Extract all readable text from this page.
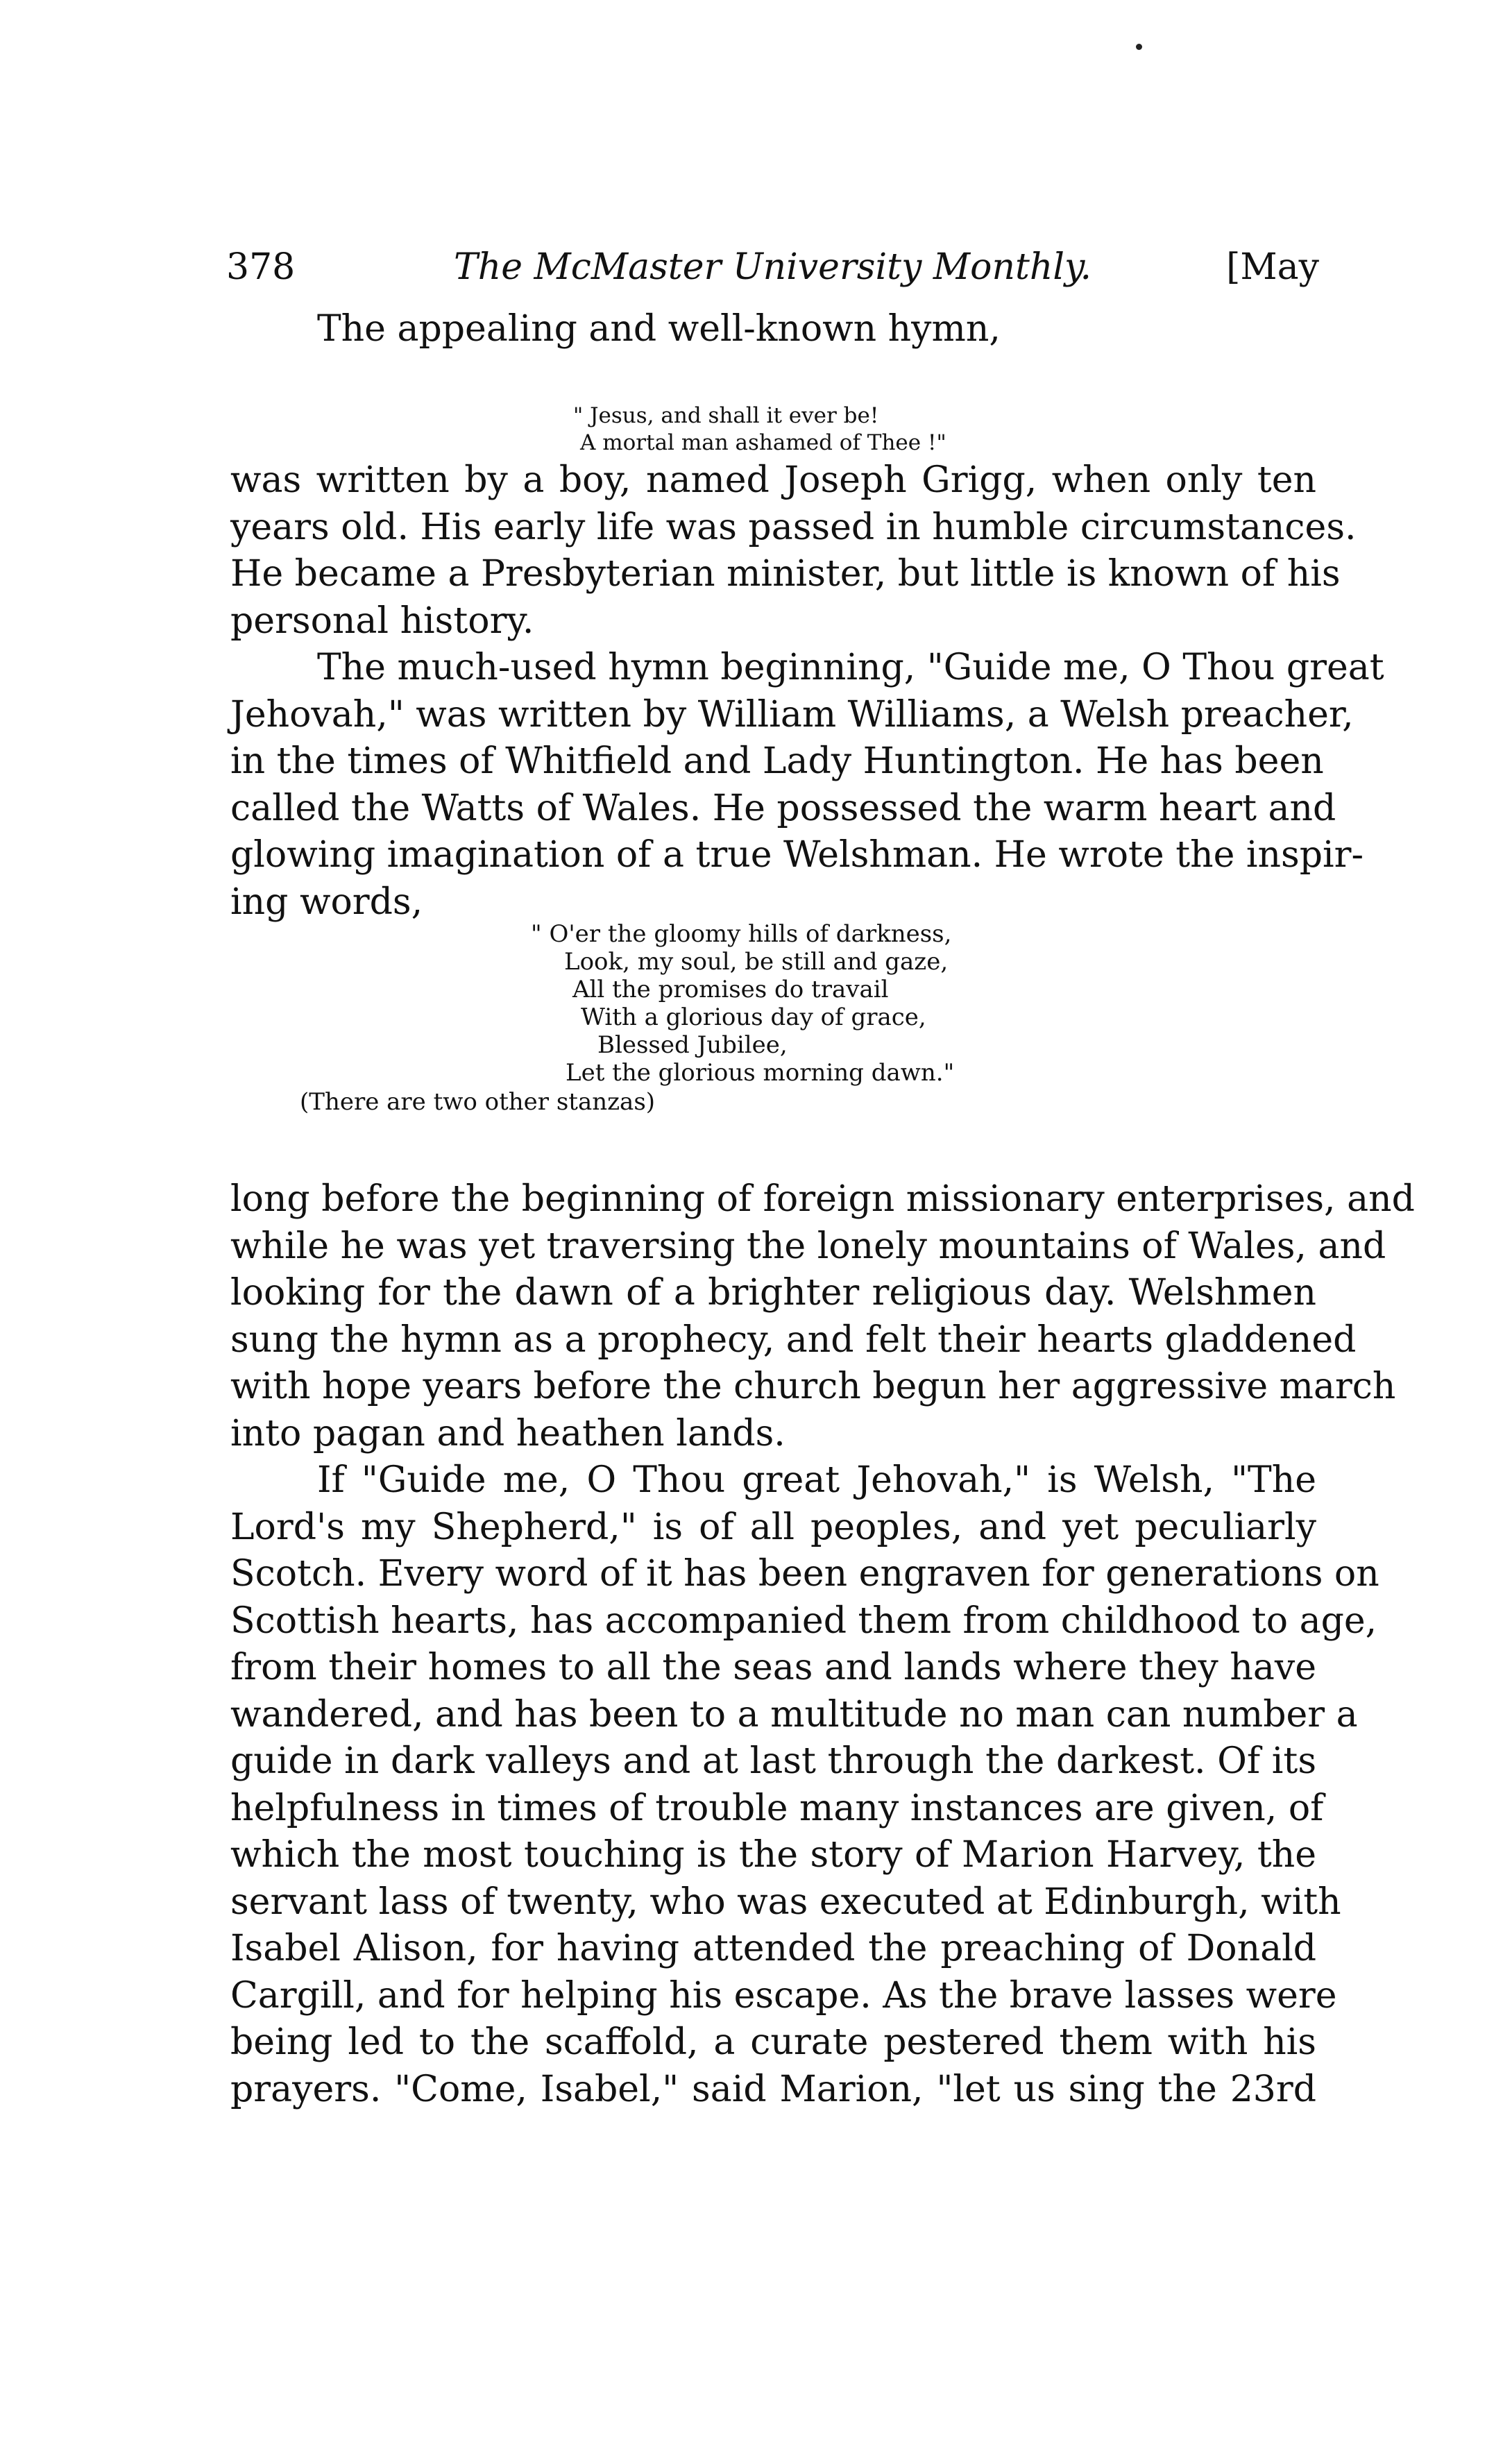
378	The McMaster University Monthly.	[May
The appealing and well-known hymn,
" Jesus, and shall it ever be!
A mortal man ashamed of Thee !"
was written by a boy, named Joseph Grigg, when only ten
years old. His early life was passed in humble circumstances.
He became a Presbyterian minister, but little is known of his
personal history.
The much-used hymn beginning, "Guide me, O Thou great
Jehovah," was written by William Williams, a Welsh preacher,
in the times of Whitfield and Lady Huntington. He has been
called the Watts of Wales. He possessed the warm heart and
glowing imagination of a true Welshman. He wrote the inspir-
ing words,
" O'er the gloomy hills of darkness,
Look, my soul, be still and gaze,
All the promises do travail
With a glorious day of grace,
Blessed Jubilee,
Let the glorious morning dawn."
(There are two other stanzas)
long before the beginning of foreign missionary enterprises, and
while he was yet traversing the lonely mountains of Wales, and
looking for the dawn of a brighter religious day. Welshmen
sung the hymn as a prophecy, and felt their hearts gladdened
with hope years before the church begun her aggressive march
into pagan and heathen lands.
If "Guide me, O Thou great Jehovah," is Welsh, "The
Lord's my Shepherd," is of all peoples, and yet peculiarly
Scotch. Every word of it has been engraven for generations on
Scottish hearts, has accompanied them from childhood to age,
from their homes to all the seas and lands where they have
wandered, and has been to a multitude no man can number a
guide in dark valleys and at last through the darkest. Of its
helpfulness in times of trouble many instances are given, of
which the most touching is the story of Marion Harvey, the
servant lass of twenty, who was executed at Edinburgh, with
Isabel Alison, for having attended the preaching of Donald
Cargill, and for helping his escape. As the brave lasses were
being led to the scaffold, a curate pestered them with his
prayers. "Come, Isabel," said Marion, "let us sing the 23rd
